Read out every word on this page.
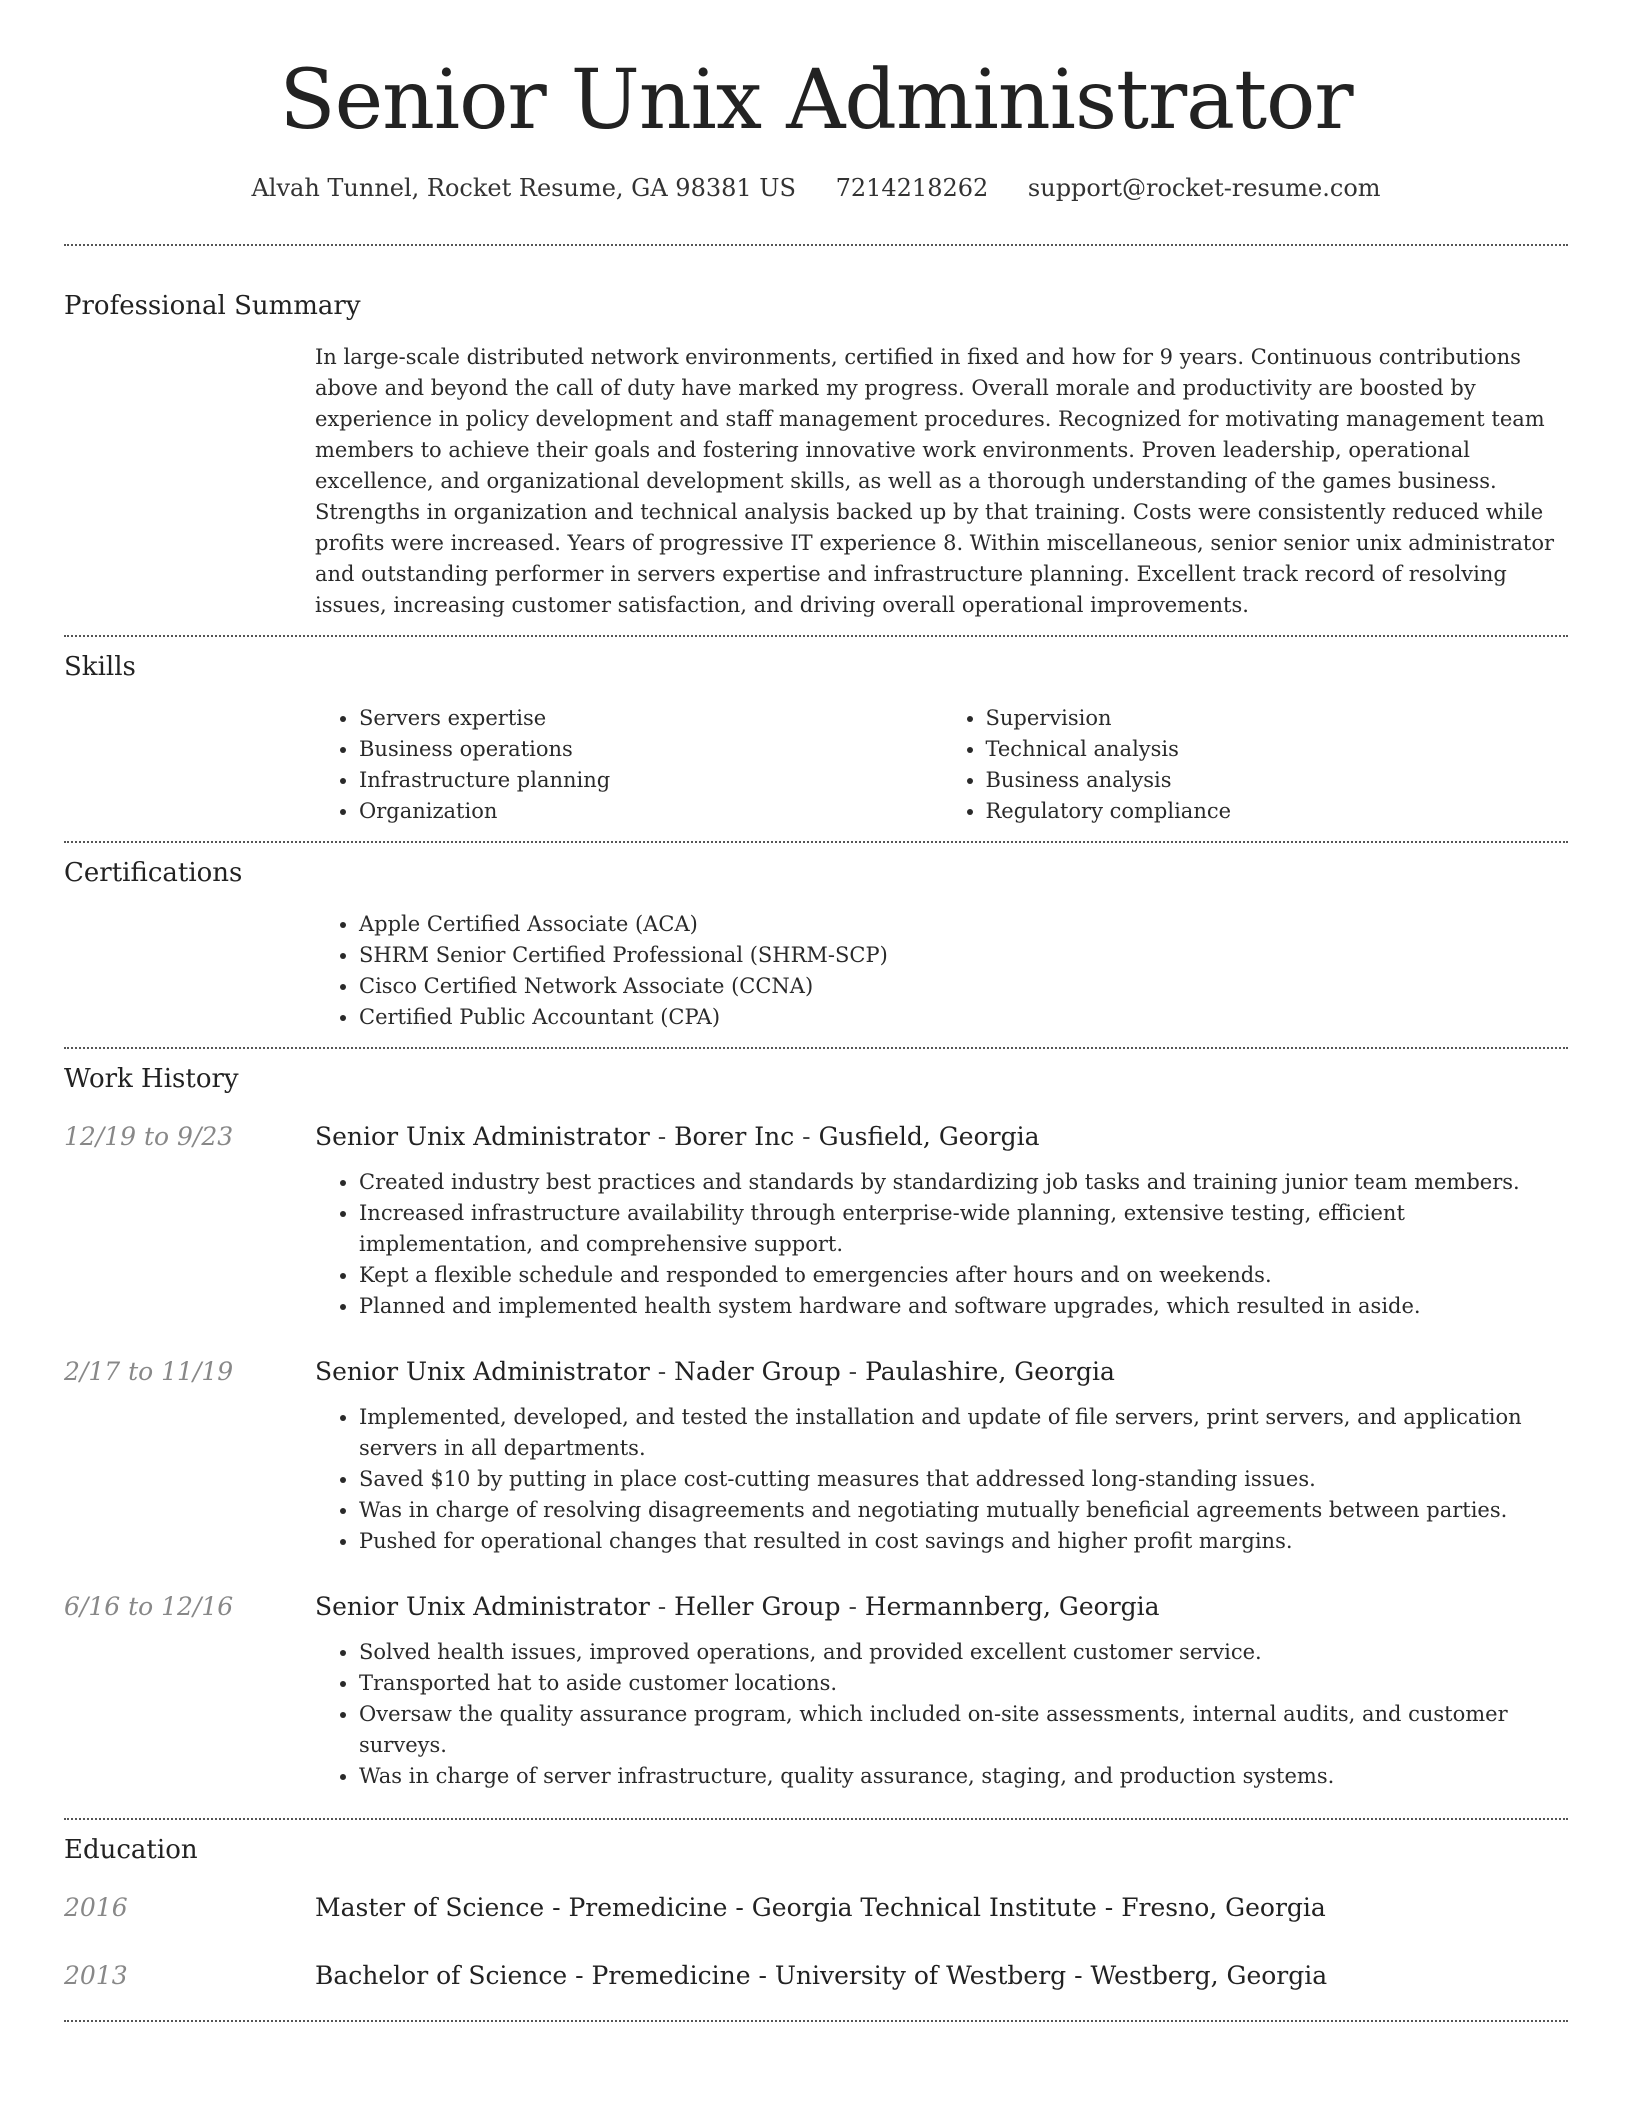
Senior Unix Administrator
Alvah Tunnel, Rocket Resume, GA 98381 US 7214218262 support@rocket-resume.com
Professional Summary
In large-scale distributed network environments, certified in fixed and how for 9 years. Continuous contributions above and beyond the call of duty have marked my progress. Overall morale and productivity are boosted by experience in policy development and staff management procedures. Recognized for motivating management team members to achieve their goals and fostering innovative work environments. Proven leadership, operational excellence, and organizational development skills, as well as a thorough understanding of the games business. Strengths in organization and technical analysis backed up by that training. Costs were consistently reduced while profits were increased. Years of progressive IT experience 8. Within miscellaneous, senior senior unix administrator and outstanding performer in servers expertise and infrastructure planning. Excellent track record of resolving issues, increasing customer satisfaction, and driving overall operational improvements.
Skills
• Servers expertise
• Business operations
• Infrastructure planning
• Organization
• Supervision
• Technical analysis
• Business analysis
• Regulatory compliance
Certifications
• Apple Certified Associate (ACA)
• SHRM Senior Certified Professional (SHRM-SCP)
• Cisco Certified Network Associate (CCNA)
• Certified Public Accountant (CPA)
Work History
12/19 to 9/23	Senior Unix Administrator - Borer Inc - Gusfield, Georgia
• Created industry best practices and standards by standardizing job tasks and training junior team members.
• Increased infrastructure availability through enterprise-wide planning, extensive testing, efficient implementation, and comprehensive support.
• Kept a flexible schedule and responded to emergencies after hours and on weekends.
• Planned and implemented health system hardware and software upgrades, which resulted in aside.
2/17 to 11/19	Senior Unix Administrator - Nader Group - Paulashire, Georgia
• Implemented, developed, and tested the installation and update of file servers, print servers, and application servers in all departments.
• Saved $10 by putting in place cost-cutting measures that addressed long-standing issues.
• Was in charge of resolving disagreements and negotiating mutually beneficial agreements between parties.
• Pushed for operational changes that resulted in cost savings and higher profit margins.
6/16 to 12/16	Senior Unix Administrator - Heller Group - Hermannberg, Georgia
• Solved health issues, improved operations, and provided excellent customer service.
• Transported hat to aside customer locations.
• Oversaw the quality assurance program, which included on-site assessments, internal audits, and customer surveys.
• Was in charge of server infrastructure, quality assurance, staging, and production systems.
Education
2016	Master of Science - Premedicine - Georgia Technical Institute - Fresno, Georgia
2013	Bachelor of Science - Premedicine - University of Westberg - Westberg, Georgia
